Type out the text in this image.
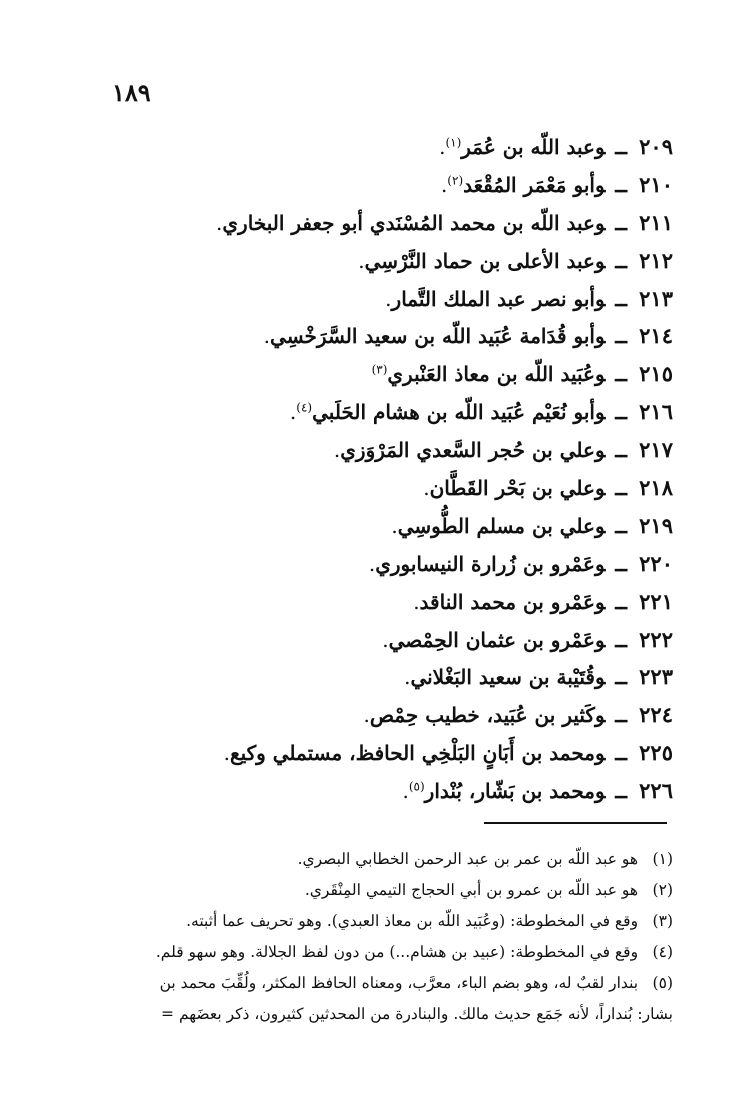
١٨٩
٢٠٩ــوعبد اللّه بن عُمَر$^{(١)}$.
٢١٠ــوأبو مَعْمَر المُقْعَد$^{(٢)}$.
٢١١ــوعبد اللّه بن محمد المُسْنَدي أبو جعفر البخاري.
٢١٢ــوعبد الأعلى بن حماد النَّرْسِي.
٢١٣ــوأبو نصر عبد الملك التَّمار.
٢١٤ــوأبو قُدَامة عُبَيد اللّه بن سعيد السَّرَخْسِي.
٢١٥ــوعُبَيد اللّه بن معاذ العَنْبري$^{(٣)}$
٢١٦ــوأبو نُعَيْم عُبَيد اللّه بن هشام الحَلَبي$^{(٤)}$.
٢١٧ــوعلي بن حُجر السَّعدي المَرْوَزي.
٢١٨ــوعلي بن بَحْر القَطَّان.
٢١٩ــوعلي بن مسلم الطُّوسِي.
٢٢٠ــوعَمْرو بن زُرارة النيسابوري.
٢٢١ــوعَمْرو بن محمد الناقد.
٢٢٢ــوعَمْرو بن عثمان الحِمْصي.
٢٢٣ــوقُتَيْبة بن سعيد البَغْلاني.
٢٢٤ــوكَثير بن عُبَيد، خطيب حِمْص.
٢٢٥ــومحمد بن أَبَانٍ البَلْخِي الحافظ، مستملي وكيع.
٢٢٦ــومحمد بن بَشّار، بُنْدار$^{(٥)}$.
(١) هو عبد اللّه بن عمر بن عبد الرحمن الخطابي البصري.
(٢) هو عبد اللّه بن عمرو بن أبي الحجاج التيمي المِنْقَري.
(٣) وقع في المخطوطة: (وعُبَيد اللّه بن معاذ العبدي). وهو تحريف عما أثبته.
(٤) وقع في المخطوطة: (عبيد بن هشام...) من دون لفظ الجلالة. وهو سهو قلم.
(٥) بندار لقبٌ له، وهو بضم الباء، معرَّب، ومعناه الحافظ المكثر، ولُقِّبَ محمد بن
بشار: بُنداراً، لأنه جَمَع حديث مالك. والبنادرة من المحدثين كثيرون، ذكر بعضَهم =
